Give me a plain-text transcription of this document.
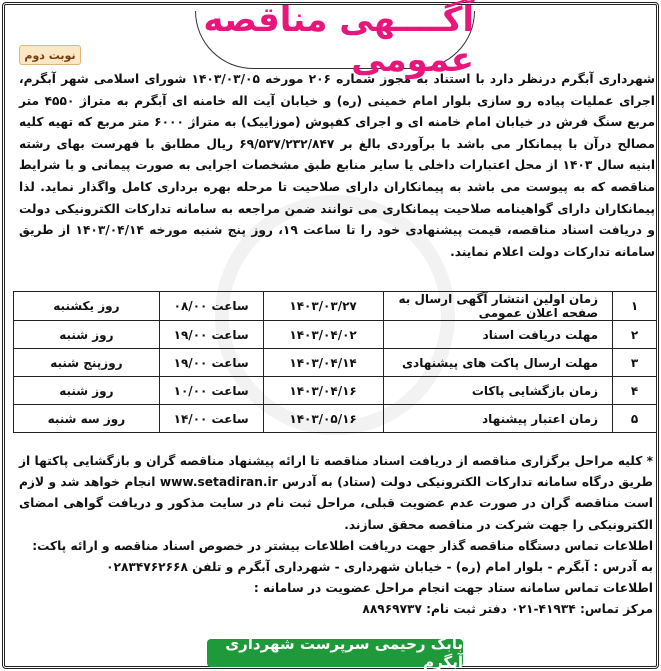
آگــــهی مناقصه عمومی
نوبت دوم

شهرداری آبگرم درنظر دارد با استناد به مجوز شماره ۲۰۶ مورخه ۱۴۰۳/۰۳/۰۵ شورای اسلامی شهر آبگرم، اجرای عملیات پیاده رو سازی بلوار امام خمینی (ره) و خیابان آیت اله خامنه ای آبگرم به متراژ ۴۵۵۰ متر مربع سنگ فرش در خیابان امام خامنه ای و اجرای کفپوش (موزاییک) به متراژ ۶۰۰۰ متر مربع که تهیه کلیه مصالح درآن با پیمانکار می باشد با برآوردی بالغ بر ۶۹/۵۳۷/۲۳۲/۸۴۷ ریال مطابق با فهرست بهای رشته ابنیه سال ۱۴۰۳ از محل اعتبارات داخلی یا سایر منابع طبق مشخصات اجرایی به صورت پیمانی و با شرایط مناقصه که به پیوست می باشد به پیمانکاران دارای صلاحیت تا مرحله بهره برداری کامل واگذار نماید. لذا پیمانکاران دارای گواهینامه صلاحیت پیمانکاری می توانند ضمن مراجعه به سامانه تدارکات الکترونیکی دولت و دریافت اسناد مناقصه، قیمت پیشنهادی خود را تا ساعت ۱۹، روز پنج شنبه مورخه ۱۴۰۳/۰۴/۱۴ از طریق سامانه تدارکات دولت اعلام نمایند.

۱	زمان اولین انتشار آگهی ارسال به صفحه اعلان عمومی	۱۴۰۳/۰۳/۲۷	ساعت ۰۸/۰۰	روز یکشنبه
۲	مهلت دریافت اسناد	۱۴۰۳/۰۴/۰۲	ساعت ۱۹/۰۰	روز شنبه
۳	مهلت ارسال پاکت های پیشنهادی	۱۴۰۳/۰۴/۱۴	ساعت ۱۹/۰۰	روزپنج شنبه
۴	زمان بازگشایی پاکات	۱۴۰۳/۰۴/۱۶	ساعت ۱۰/۰۰	روز شنبه
۵	زمان اعتبار پیشنهاد	۱۴۰۳/۰۵/۱۶	ساعت ۱۴/۰۰	روز سه شنبه

* کلیه مراحل برگزاری مناقصه از دریافت اسناد مناقصه تا ارائه پیشنهاد مناقصه گران و بازگشایی پاکتها از طریق درگاه سامانه تدارکات الکترونیکی دولت (ستاد) به آدرس www.setadiran.ir انجام خواهد شد و لازم است مناقصه گران در صورت عدم عضویت قبلی، مراحل ثبت نام در سایت مذکور و دریافت گواهی امضای الکترونیکی را جهت شرکت در مناقصه محقق سازند.

اطلاعات تماس دستگاه مناقصه گذار جهت دریافت اطلاعات بیشتر در خصوص اسناد مناقصه و ارائه پاکت:

به آدرس : آبگرم - بلوار امام (ره) - خیابان شهرداری - شهرداری آبگرم و تلفن ۰۲۸۳۴۷۶۲۶۶۸

اطلاعات تماس سامانه ستاد جهت انجام مراحل عضویت در سامانه :

مرکز تماس: ۴۱۹۳۴-۰۲۱ دفتر ثبت نام: ۸۸۹۶۹۷۳۷

بابک رحیمی سرپرست شهرداری آبگرم
